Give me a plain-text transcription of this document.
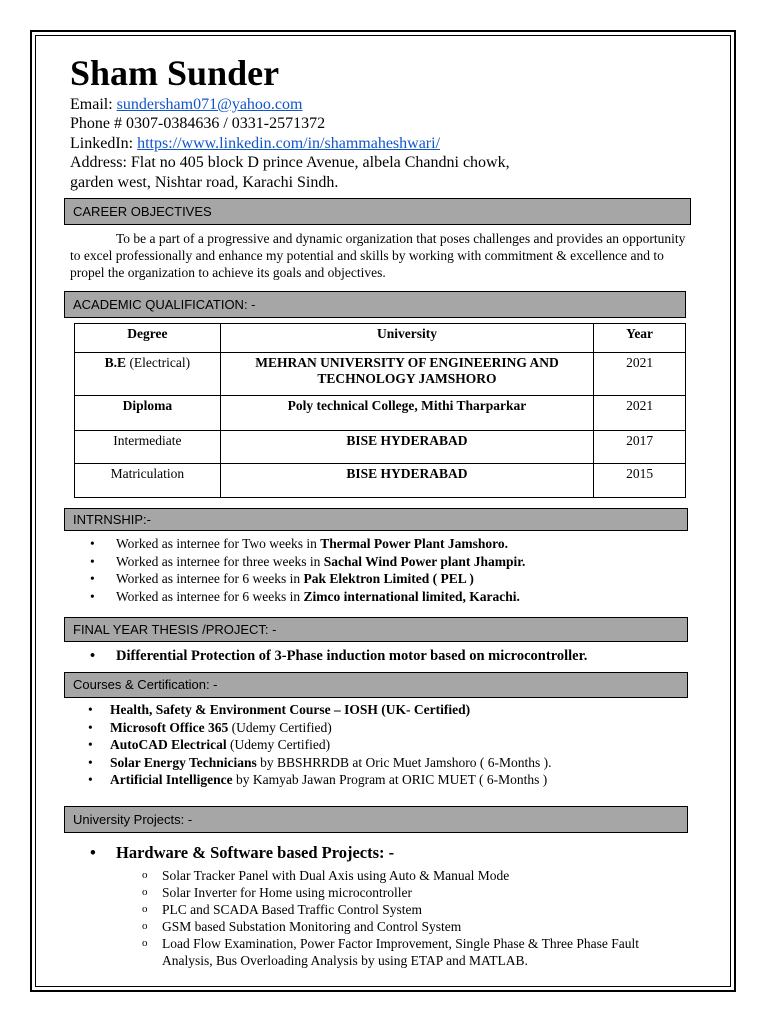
Sham Sunder
Email: sundersham071@yahoo.com
Phone # 0307-0384636 / 0331-2571372
LinkedIn: https://www.linkedin.com/in/shammaheshwari/
Address: Flat no 405 block D prince Avenue, albela Chandni chowk,
garden west, Nishtar road, Karachi Sindh.
CAREER OBJECTIVES
To be a part of a progressive and dynamic organization that poses challenges and provides an opportunity to excel professionally and enhance my potential and skills by working with commitment & excellence and to propel the organization to achieve its goals and objectives.
ACADEMIC QUALIFICATION: -
Degree	University	Year
B.E (Electrical)	MEHRAN UNIVERSITY OF ENGINEERING AND TECHNOLOGY JAMSHORO	2021
Diploma	Poly technical College, Mithi Tharparkar	2021
Intermediate	BISE HYDERABAD	2017
Matriculation	BISE HYDERABAD	2015
INTRNSHIP:-
• Worked as internee for Two weeks in Thermal Power Plant Jamshoro.
• Worked as internee for three weeks in Sachal Wind Power plant Jhampir.
• Worked as internee for 6 weeks in Pak Elektron Limited ( PEL )
• Worked as internee for 6 weeks in Zimco international limited, Karachi.
FINAL YEAR THESIS /PROJECT: -
• Differential Protection of 3-Phase induction motor based on microcontroller.
Courses & Certification: -
• Health, Safety & Environment Course – IOSH (UK- Certified)
• Microsoft Office 365 (Udemy Certified)
• AutoCAD Electrical (Udemy Certified)
• Solar Energy Technicians by BBSHRRDB at Oric Muet Jamshoro ( 6-Months ).
• Artificial Intelligence by Kamyab Jawan Program at ORIC MUET ( 6-Months )
University Projects: -
• Hardware & Software based Projects: -
o Solar Tracker Panel with Dual Axis using Auto & Manual Mode
o Solar Inverter for Home using microcontroller
o PLC and SCADA Based Traffic Control System
o GSM based Substation Monitoring and Control System
o Load Flow Examination, Power Factor Improvement, Single Phase & Three Phase Fault Analysis, Bus Overloading Analysis by using ETAP and MATLAB.
